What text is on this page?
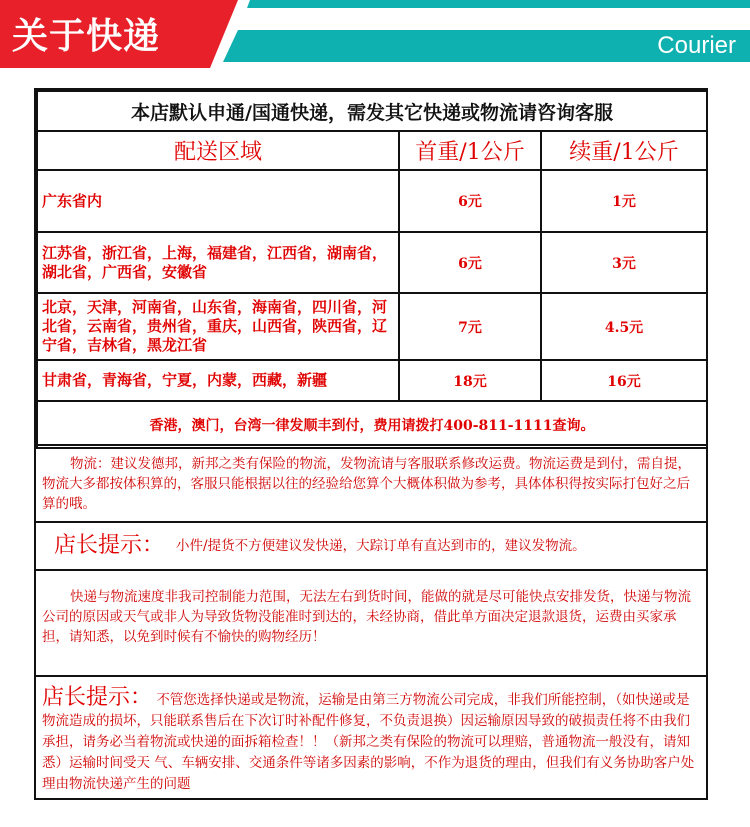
关于快递	Courier
本店默认申通/国通快递，需发其它快递或物流请咨询客服		
配送区域	首重/1公斤	续重/1公斤
广东省内	6元	1元
江苏省，浙江省，上海，福建省，江西省，湖南省，湖北省，广西省，安徽省	6元	3元
北京，天津，河南省，山东省，海南省，四川省，河北省，云南省，贵州省，重庆，山西省，陕西省，辽宁省，吉林省，黑龙江省	7元	4.5元
甘肃省，青海省，宁夏，内蒙，西藏，新疆	18元	16元
香港，澳门，台湾一律发顺丰到付，费用请拨打400-811-1111查询。		
物流：建议发德邦，新邦之类有保险的物流，发物流请与客服联系修改运费。物流运费是到付，需自提，物流大多都按体积算的，客服只能根据以往的经验给您算个大概体积做为参考，具体体积得按实际打包好之后算的哦。
店长提示： 小件/提货不方便建议发快递，大踪订单有直达到市的，建议发物流。
快递与物流速度非我司控制能力范围，无法左右到货时间，能做的就是尽可能快点安排发货，快递与物流公司的原因或天气或非人为导致货物没能准时到达的，未经协商，借此单方面决定退款退货，运费由买家承担，请知悉，以免到时候有不愉快的购物经历！
店长提示： 不管您选择快递或是物流，运输是由第三方物流公司完成，非我们所能控制，（如快递或是物流造成的损坏，只能联系售后在下次订时补配件修复，不负责退换）因运输原因导致的破损责任将不由我们承担，请务必当着物流或快递的面拆箱检查！！（新邦之类有保险的物流可以理赔，普通物流一般没有，请知悉）运输时间受天 气、车辆安排、交通条件等诸多因素的影响，不作为退货的理由，但我们有义务协助客户处理由物流快递产生的问题
